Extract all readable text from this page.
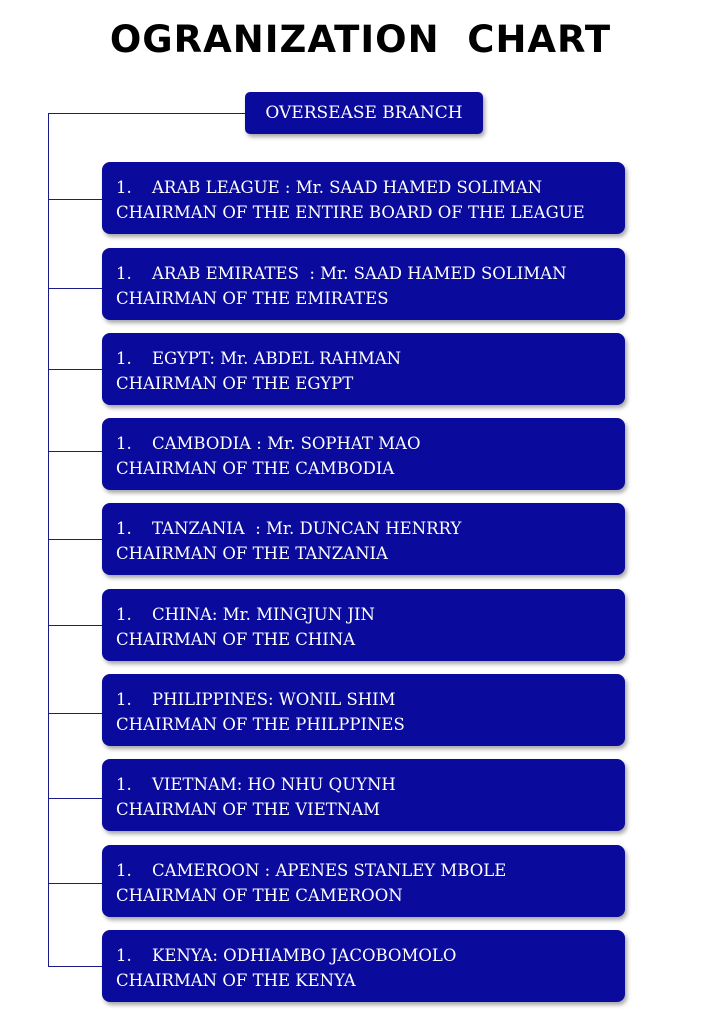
OGRANIZATION  CHART
OVERSEASE BRANCH
1. ARAB LEAGUE : Mr. SAAD HAMED SOLIMAN
CHAIRMAN OF THE ENTIRE BOARD OF THE LEAGUE
1. ARAB EMIRATES  : Mr. SAAD HAMED SOLIMAN
CHAIRMAN OF THE EMIRATES
1. EGYPT: Mr. ABDEL RAHMAN
CHAIRMAN OF THE EGYPT
1. CAMBODIA : Mr. SOPHAT MAO
CHAIRMAN OF THE CAMBODIA
1. TANZANIA  : Mr. DUNCAN HENRRY
CHAIRMAN OF THE TANZANIA
1. CHINA: Mr. MINGJUN JIN
CHAIRMAN OF THE CHINA
1. PHILIPPINES: WONIL SHIM
CHAIRMAN OF THE PHILPPINES
1. VIETNAM: HO NHU QUYNH
CHAIRMAN OF THE VIETNAM
1. CAMEROON : APENES STANLEY MBOLE
CHAIRMAN OF THE CAMEROON
1. KENYA: ODHIAMBO JACOBOMOLO
CHAIRMAN OF THE KENYA
